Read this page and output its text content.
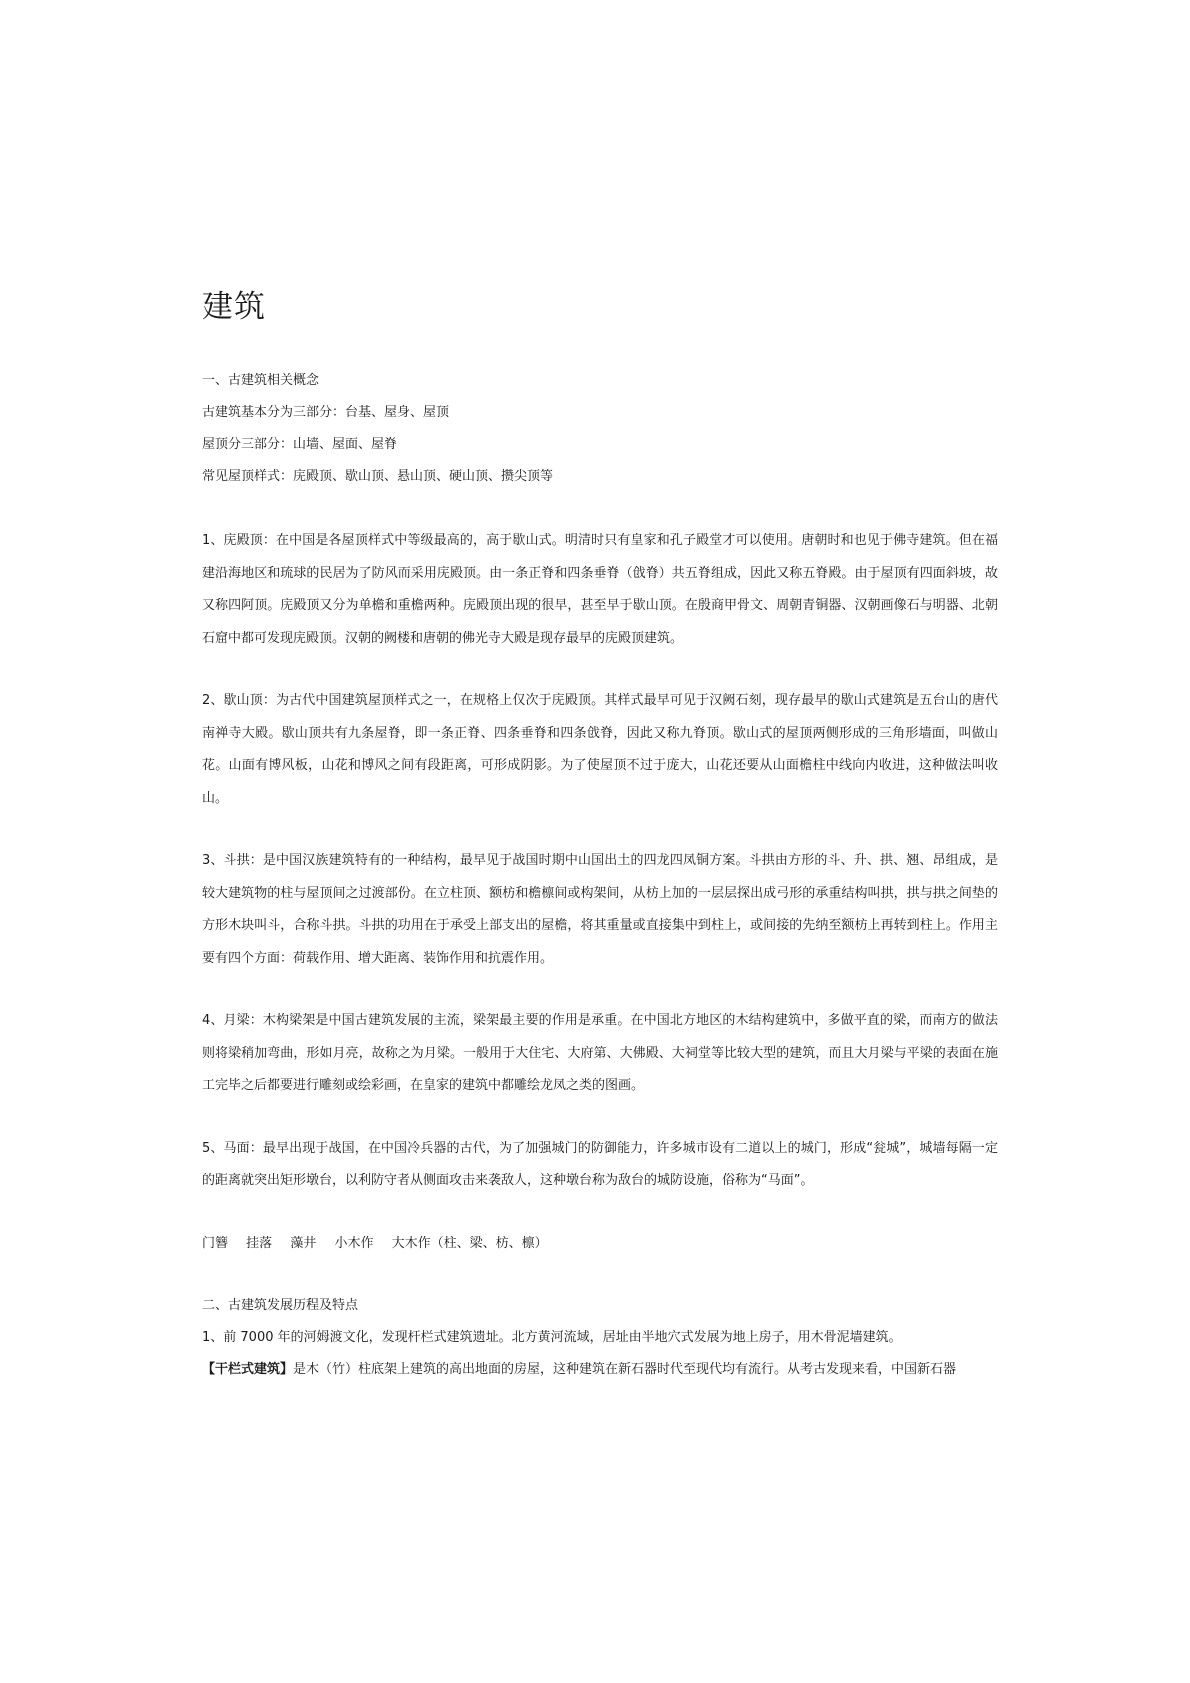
建筑

一、古建筑相关概念

古建筑基本分为三部分：台基、屋身、屋顶

屋顶分三部分：山墙、屋面、屋脊

常见屋顶样式：庑殿顶、歇山顶、悬山顶、硬山顶、攒尖顶等

1、庑殿顶：在中国是各屋顶样式中等级最高的，高于歇山式。明清时只有皇家和孔子殿堂才可以使用。唐朝时和也见于佛寺建筑。但在福建沿海地区和琉球的民居为了防风而采用庑殿顶。由一条正脊和四条垂脊（戗脊）共五脊组成，因此又称五脊殿。由于屋顶有四面斜坡，故又称四阿顶。庑殿顶又分为单檐和重檐两种。庑殿顶出现的很早，甚至早于歇山顶。在殷商甲骨文、周朝青铜器、汉朝画像石与明器、北朝石窟中都可发现庑殿顶。汉朝的阙楼和唐朝的佛光寺大殿是现存最早的庑殿顶建筑。

2、歇山顶：为古代中国建筑屋顶样式之一，在规格上仅次于庑殿顶。其样式最早可见于汉阙石刻，现存最早的歇山式建筑是五台山的唐代南禅寺大殿。歇山顶共有九条屋脊，即一条正脊、四条垂脊和四条戗脊，因此又称九脊顶。歇山式的屋顶两侧形成的三角形墙面，叫做山花。山面有博风板，山花和博风之间有段距离，可形成阴影。为了使屋顶不过于庞大，山花还要从山面檐柱中线向内收进，这种做法叫收山。

3、斗拱：是中国汉族建筑特有的一种结构，最早见于战国时期中山国出土的四龙四凤铜方案。斗拱由方形的斗、升、拱、翘、昂组成，是较大建筑物的柱与屋顶间之过渡部份。在立柱顶、额枋和檐檩间或构架间，从枋上加的一层层探出成弓形的承重结构叫拱，拱与拱之间垫的方形木块叫斗，合称斗拱。斗拱的功用在于承受上部支出的屋檐，将其重量或直接集中到柱上，或间接的先纳至额枋上再转到柱上。作用主要有四个方面：荷载作用、增大距离、装饰作用和抗震作用。

4、月梁：木构梁架是中国古建筑发展的主流，梁架最主要的作用是承重。在中国北方地区的木结构建筑中，多做平直的梁，而南方的做法则将梁稍加弯曲，形如月亮，故称之为月梁。一般用于大住宅、大府第、大佛殿、大祠堂等比较大型的建筑，而且大月梁与平梁的表面在施工完毕之后都要进行雕刻或绘彩画，在皇家的建筑中都雕绘龙凤之类的图画。

5、马面：最早出现于战国，在中国冷兵器的古代，为了加强城门的防御能力，许多城市设有二道以上的城门，形成“瓮城”，城墙每隔一定的距离就突出矩形墩台，以利防守者从侧面攻击来袭敌人，这种墩台称为敌台的城防设施，俗称为“马面”。

门簪 挂落 藻井 小木作 大木作（柱、梁、枋、檩）

二、古建筑发展历程及特点

1、前 7000 年的河姆渡文化，发现杆栏式建筑遗址。北方黄河流域，居址由半地穴式发展为地上房子，用木骨泥墙建筑。

【干栏式建筑】是木（竹）柱底架上建筑的高出地面的房屋，这种建筑在新石器时代至现代均有流行。从考古发现来看，中国新石器
